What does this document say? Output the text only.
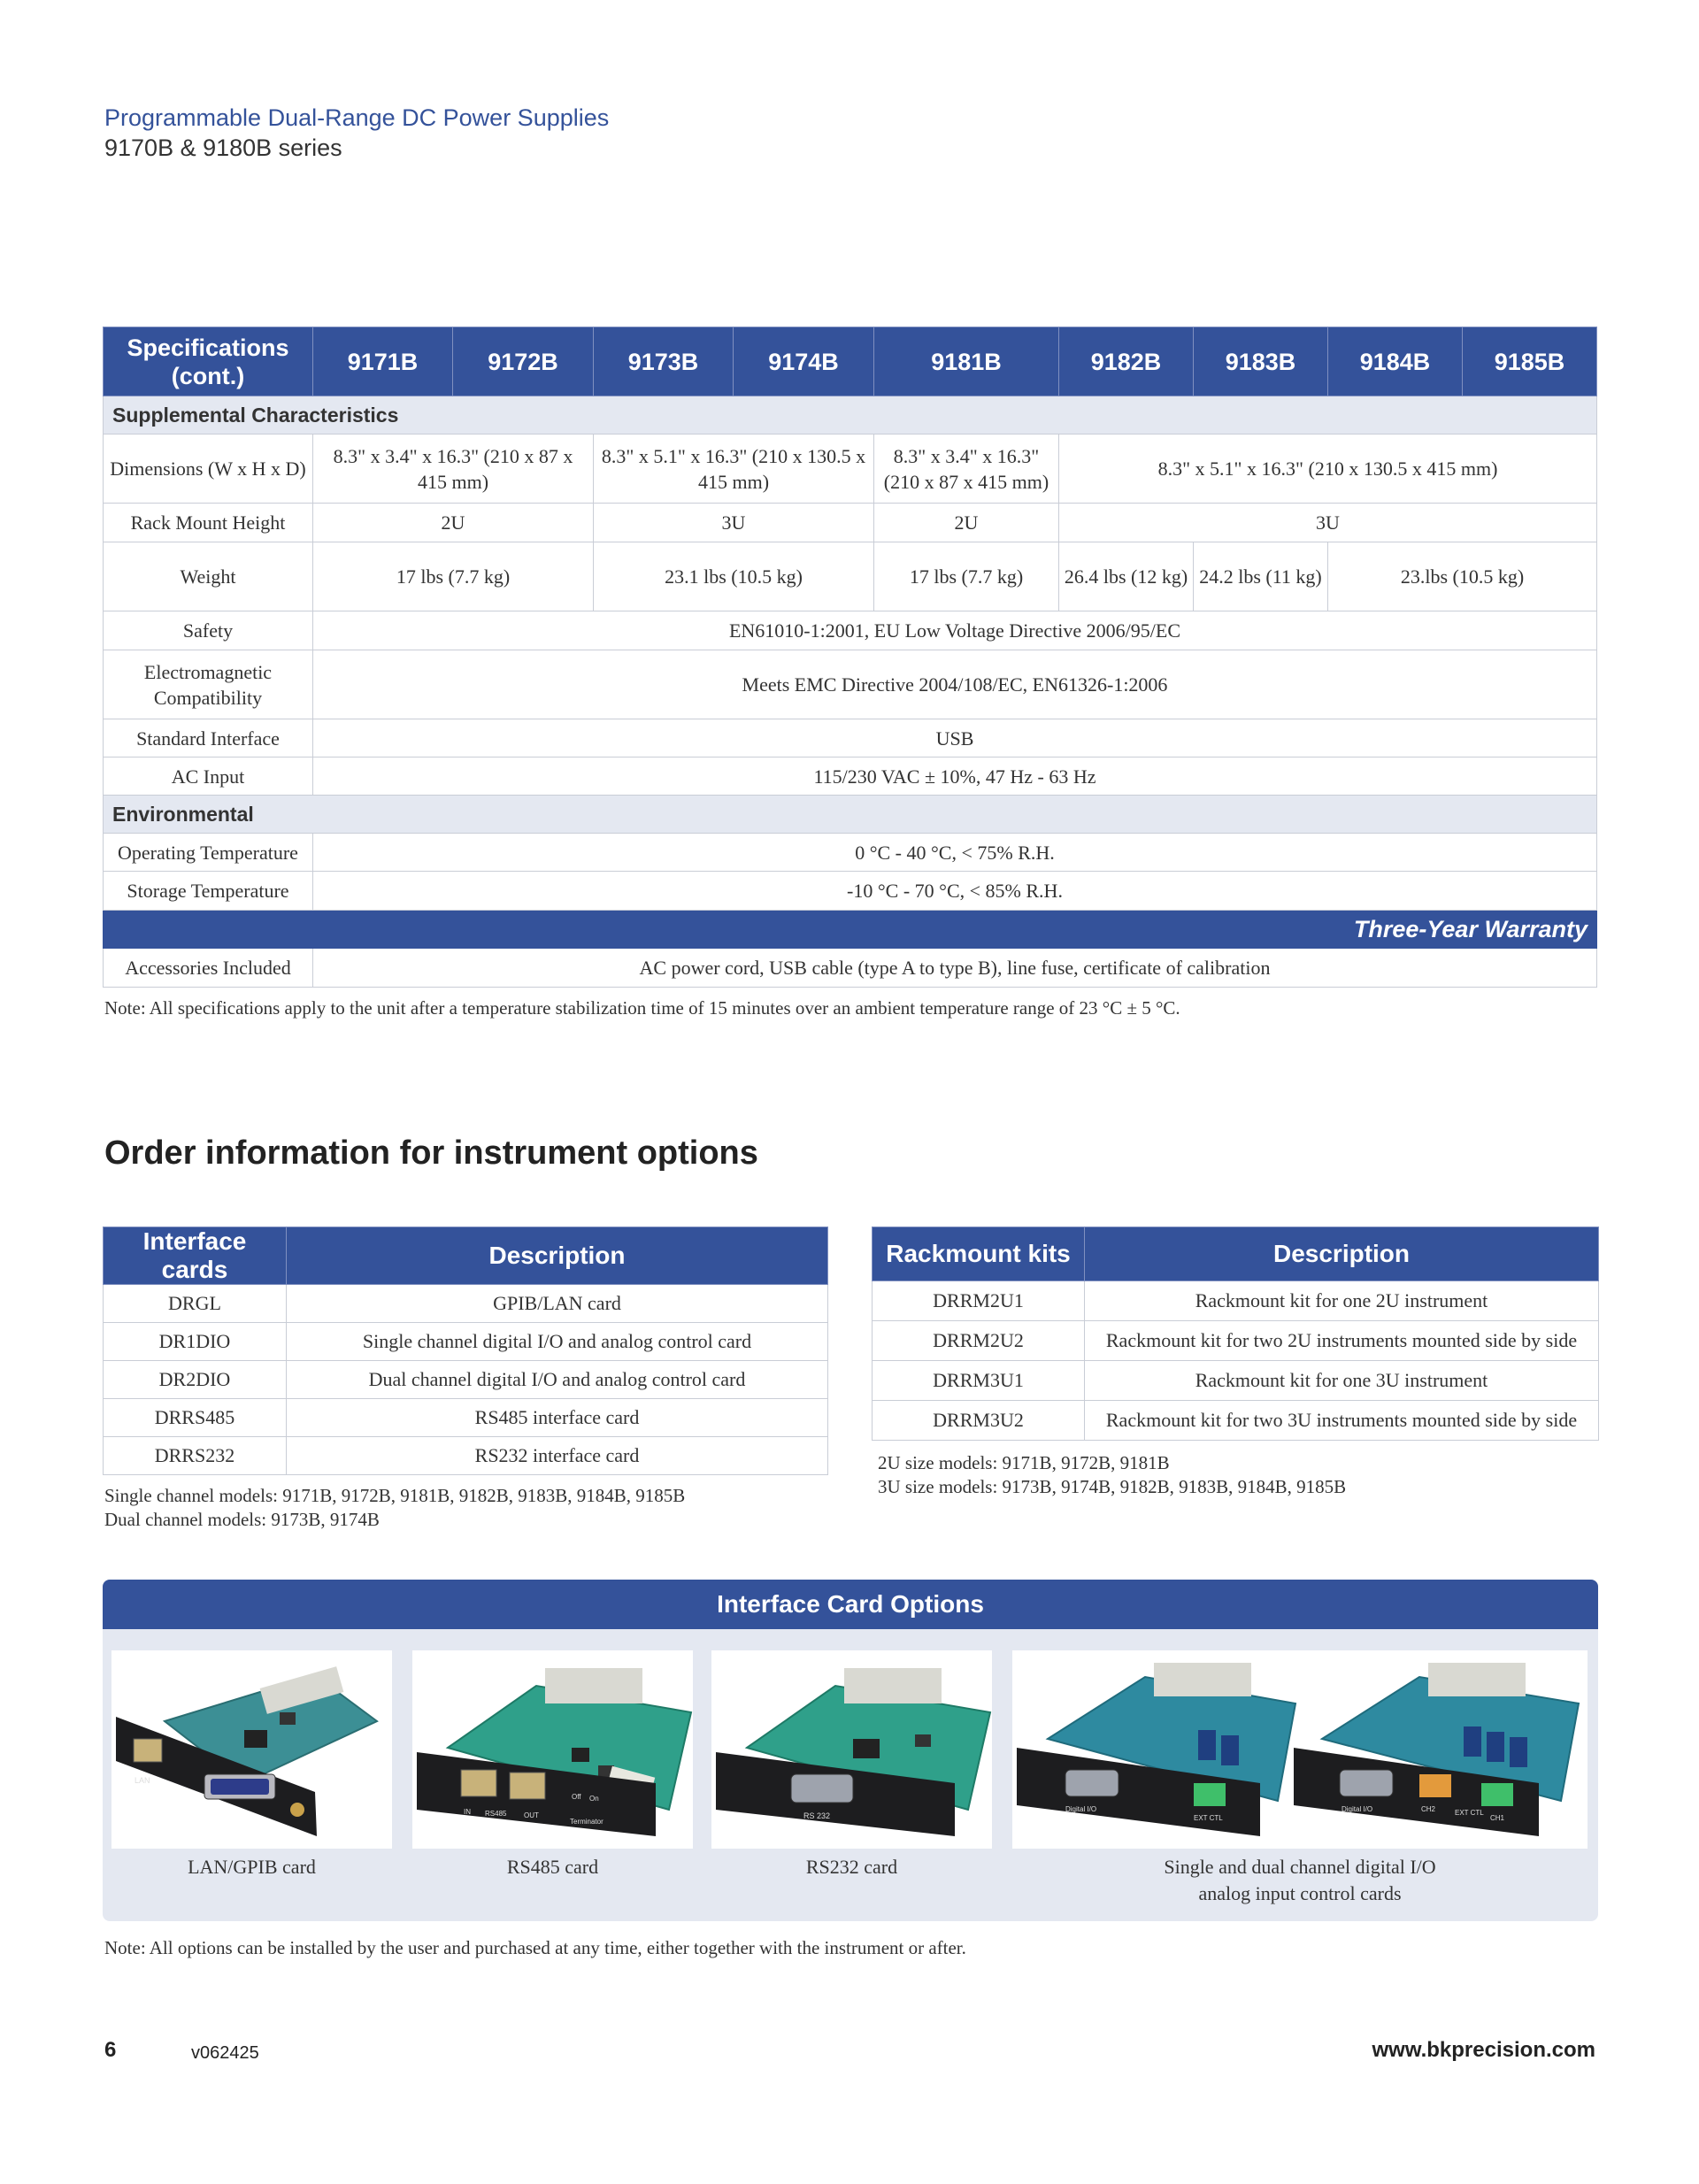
Programmable Dual-Range DC Power Supplies
9170B & 9180B series
Specifications (cont.)	9171B	9172B	9173B	9174B	9181B	9182B	9183B	9184B	9185B
Supplemental Characteristics									
Dimensions (W x H x D)	8.3" x 3.4" x 16.3" (210 x 87 x 415 mm)		8.3" x 5.1" x 16.3" (210 x 130.5 x 415 mm)		8.3" x 3.4" x 16.3" (210 x 87 x 415 mm)	8.3" x 5.1" x 16.3" (210 x 130.5 x 415 mm)			
Rack Mount Height	2U		3U		2U	3U			
Weight	17 lbs (7.7 kg)		23.1 lbs (10.5 kg)		17 lbs (7.7 kg)	26.4 lbs (12 kg)	24.2 lbs (11 kg)	23.lbs (10.5 kg)	
Safety	EN61010-1:2001, EU Low Voltage Directive 2006/95/EC								
Electromagnetic Compatibility	Meets EMC Directive 2004/108/EC, EN61326-1:2006								
Standard Interface	USB								
AC Input	115/230 VAC ± 10%, 47 Hz - 63 Hz								
Environmental									
Operating Temperature	0 °C - 40 °C, < 75% R.H.								
Storage Temperature	-10 °C - 70 °C, < 85% R.H.								
Three-Year Warranty									
Accessories Included	AC power cord, USB cable (type A to type B), line fuse, certificate of calibration								
Note: All specifications apply to the unit after a temperature stabilization time of 15 minutes over an ambient temperature range of 23 °C ± 5 °C.
Order information for instrument options
Interface cards	Description
DRGL	GPIB/LAN card
DR1DIO	Single channel digital I/O and analog control card
DR2DIO	Dual channel digital I/O and analog control card
DRRS485	RS485 interface card
DRRS232	RS232 interface card
Single channel models: 9171B, 9172B, 9181B, 9182B, 9183B, 9184B, 9185B
Dual channel models: 9173B, 9174B
Rackmount kits	Description
DRRM2U1	Rackmount kit for one 2U instrument
DRRM2U2	Rackmount kit for two 2U instruments mounted side by side
DRRM3U1	Rackmount kit for one 3U instrument
DRRM3U2	Rackmount kit for two 3U instruments mounted side by side
2U size models: 9171B, 9172B, 9181B
3U size models: 9173B, 9174B, 9182B, 9183B, 9184B, 9185B
Interface Card Options
LAN
IN RS485 OUT
Off On
Terminator
RS 232
Digital I/O
EXT CTL
Digital I/O	CH2	EXT CTL
CH1
LAN/GPIB card	RS485 card	RS232 card	Single and dual channel digital I/O
analog input control cards
Note: All options can be installed by the user and purchased at any time, either together with the instrument or after.
6	v062425	www.bkprecision.com
